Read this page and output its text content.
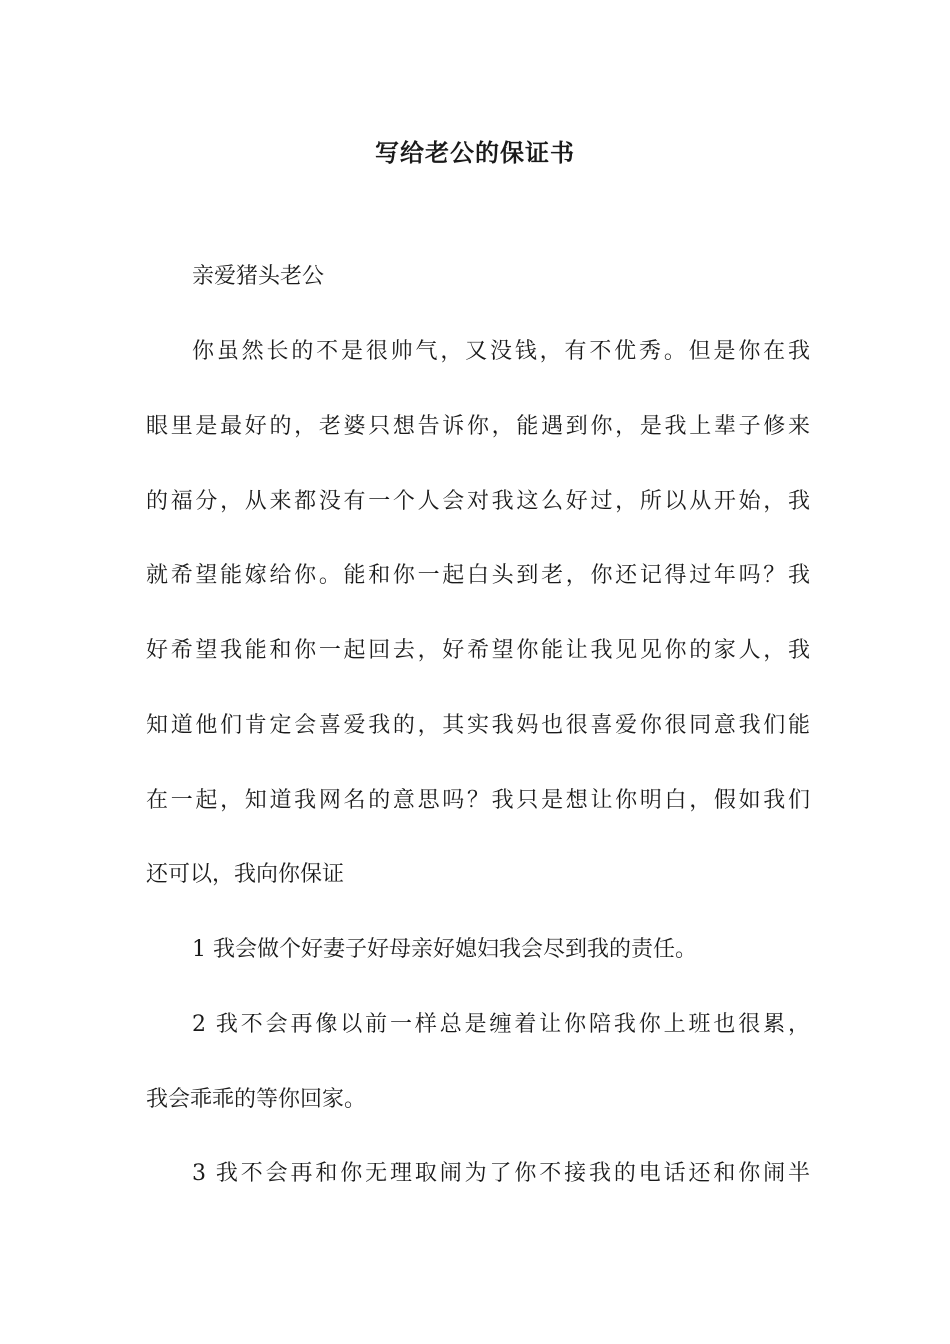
写给老公的保证书
亲爱猪头老公
你虽然长的不是很帅气，又没钱，有不优秀。但是你在我
眼里是最好的，老婆只想告诉你，能遇到你，是我上辈子修来
的福分，从来都没有一个人会对我这么好过，所以从开始，我
就希望能嫁给你。能和你一起白头到老，你还记得过年吗？我
好希望我能和你一起回去，好希望你能让我见见你的家人，我
知道他们肯定会喜爱我的，其实我妈也很喜爱你很同意我们能
在一起，知道我网名的意思吗？我只是想让你明白，假如我们
还可以，我向你保证
1 我会做个好妻子好母亲好媳妇我会尽到我的责任。
2 我不会再像以前一样总是缠着让你陪我你上班也很累，
我会乖乖的等你回家。
3 我不会再和你无理取闹为了你不接我的电话还和你闹半
